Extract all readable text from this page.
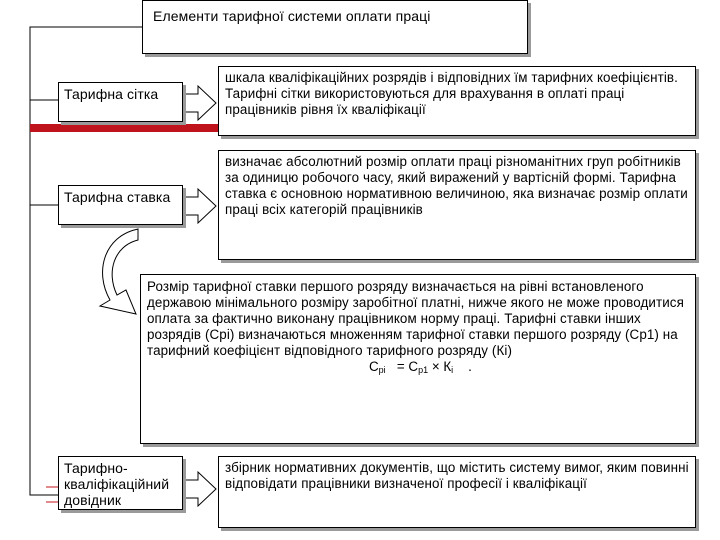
Елементи тарифної системи оплати праці
Тарифна сітка
шкала кваліфікаційних розрядів і відповідних їм тарифних коефіцієнтів. Тарифні сітки використовуються для врахування в оплаті праці працівників рівня їх кваліфікації
Тарифна ставка
визначає абсолютний розмір оплати праці різноманітних груп робітників за одиницю робочого часу, який виражений у вартісній формі. Тарифна ставка є основною нормативною величиною, яка визначає розмір оплати праці всіх категорій працівників
Розмір тарифної ставки першого розряду визначається на рівні встановленого державою мінімального розміру заробітної платні, нижче якого не може проводитися оплата за фактично виконану працівником норму праці. Тарифні ставки інших розрядів (Срі) визначаються множенням тарифної ставки першого розряду (Ср1) на тарифний коефіцієнт відповідного тарифного розряду (Кі)
Срі = Ср1 × Кі .
Тарифно-кваліфікаційний довідник
збірник нормативних документів, що містить систему вимог, яким повинні відповідати працівники визначеної професії і кваліфікації
